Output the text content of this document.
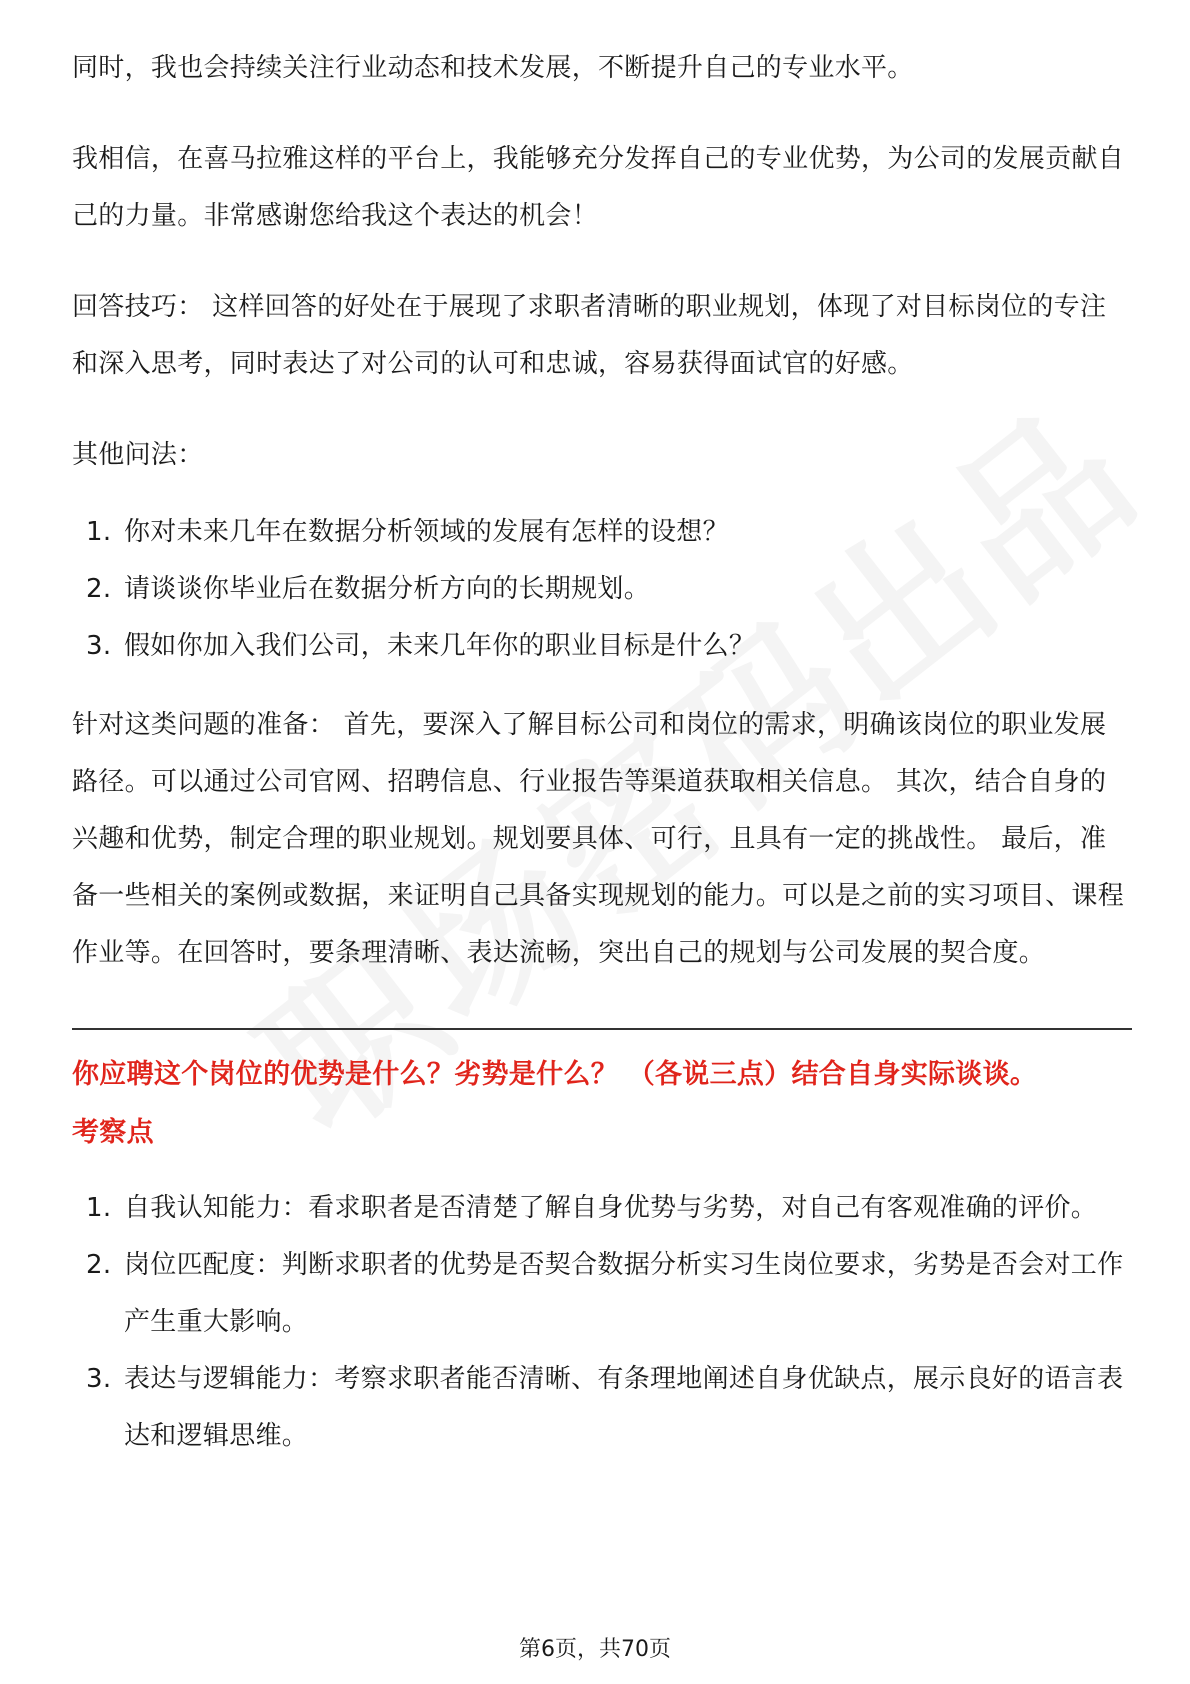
同时，我也会持续关注行业动态和技术发展，不断提升自己的专业水平。

我相信，在喜马拉雅这样的平台上，我能够充分发挥自己的专业优势，为公司的发展贡献自己的力量。非常感谢您给我这个表达的机会！

回答技巧： 这样回答的好处在于展现了求职者清晰的职业规划，体现了对目标岗位的专注和深入思考，同时表达了对公司的认可和忠诚，容易获得面试官的好感。

其他问法：

1. 你对未来几年在数据分析领域的发展有怎样的设想？
2. 请谈谈你毕业后在数据分析方向的长期规划。
3. 假如你加入我们公司，未来几年你的职业目标是什么？

针对这类问题的准备： 首先，要深入了解目标公司和岗位的需求，明确该岗位的职业发展路径。可以通过公司官网、招聘信息、行业报告等渠道获取相关信息。 其次，结合自身的兴趣和优势，制定合理的职业规划。规划要具体、可行，且具有一定的挑战性。 最后，准备一些相关的案例或数据，来证明自己具备实现规划的能力。可以是之前的实习项目、课程作业等。在回答时，要条理清晰、表达流畅，突出自己的规划与公司发展的契合度。

你应聘这个岗位的优势是什么？劣势是什么？ （各说三点）结合自身实际谈谈。

考察点

1. 自我认知能力：看求职者是否清楚了解自身优势与劣势，对自己有客观准确的评价。
2. 岗位匹配度：判断求职者的优势是否契合数据分析实习生岗位要求，劣势是否会对工作产生重大影响。
3. 表达与逻辑能力：考察求职者能否清晰、有条理地阐述自身优缺点，展示良好的语言表达和逻辑思维。
第6页，共70页
